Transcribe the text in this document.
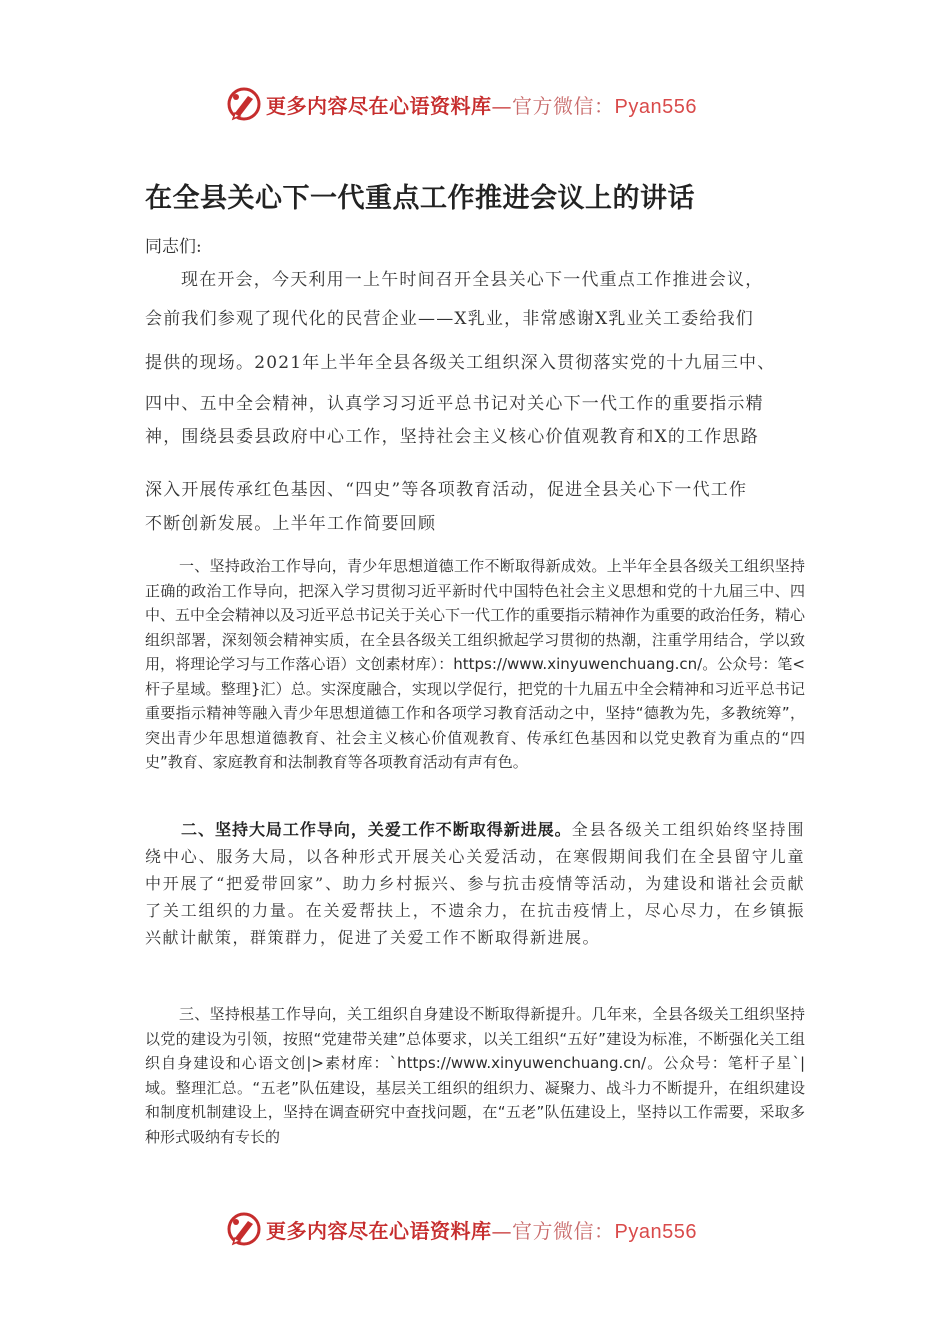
更多内容尽在心语资料库—官方微信：Pyan556
在全县关心下一代重点工作推进会议上的讲话
同志们:
现在开会，今天利用一上午时间召开全县关心下一代重点工作推进会议，
会前我们参观了现代化的民营企业——X乳业，非常感谢X乳业关工委给我们
提供的现场。2021年上半年全县各级关工组织深入贯彻落实党的十九届三中、
四中、五中全会精神，认真学习习近平总书记对关心下一代工作的重要指示精
神，围绕县委县政府中心工作，坚持社会主义核心价值观教育和X的工作思路
深入开展传承红色基因、“四史”等各项教育活动，促进全县关心下一代工作
不断创新发展。上半年工作简要回顾
一、坚持政治工作导向，青少年思想道德工作不断取得新成效。上半年全县各级关工组织坚持正确的政治工作导向，把深入学习贯彻习近平新时代中国特色社会主义思想和党的十九届三中、四中、五中全会精神以及习近平总书记关于关心下一代工作的重要指示精神作为重要的政治任务，精心组织部署，深刻领会精神实质，在全县各级关工组织掀起学习贯彻的热潮，注重学用结合，学以致用，将理论学习与工作落心语）文创素材库）：https://www.xinyuwenchuang.cn/。公众号：笔<杆子星域。整理}汇）总。实深度融合，实现以学促行，把党的十九届五中全会精神和习近平总书记重要指示精神等融入青少年思想道德工作和各项学习教育活动之中，坚持“德教为先，多教统筹”，突出青少年思想道德教育、社会主义核心价值观教育、传承红色基因和以党史教育为重点的“四史”教育、家庭教育和法制教育等各项教育活动有声有色。
二、坚持大局工作导向，关爱工作不断取得新进展。全县各级关工组织始终坚持围绕中心、服务大局，以各种形式开展关心关爱活动，在寒假期间我们在全县留守儿童中开展了“把爱带回家”、助力乡村振兴、参与抗击疫情等活动，为建设和谐社会贡献了关工组织的力量。在关爱帮扶上，不遗余力，在抗击疫情上，尽心尽力，在乡镇振兴献计献策，群策群力，促进了关爱工作不断取得新进展。
三、坚持根基工作导向，关工组织自身建设不断取得新提升。几年来，全县各级关工组织坚持以党的建设为引领，按照“党建带关建”总体要求，以关工组织“五好”建设为标准，不断强化关工组织自身建设和心语文创|>素材库：`https://www.xinyuwenchuang.cn/。公众号：笔杆子星`|域。整理汇总。“五老”队伍建设，基层关工组织的组织力、凝聚力、战斗力不断提升，在组织建设和制度机制建设上，坚持在调查研究中查找问题，在“五老”队伍建设上，坚持以工作需要，采取多种形式吸纳有专长的
更多内容尽在心语资料库—官方微信：Pyan556
